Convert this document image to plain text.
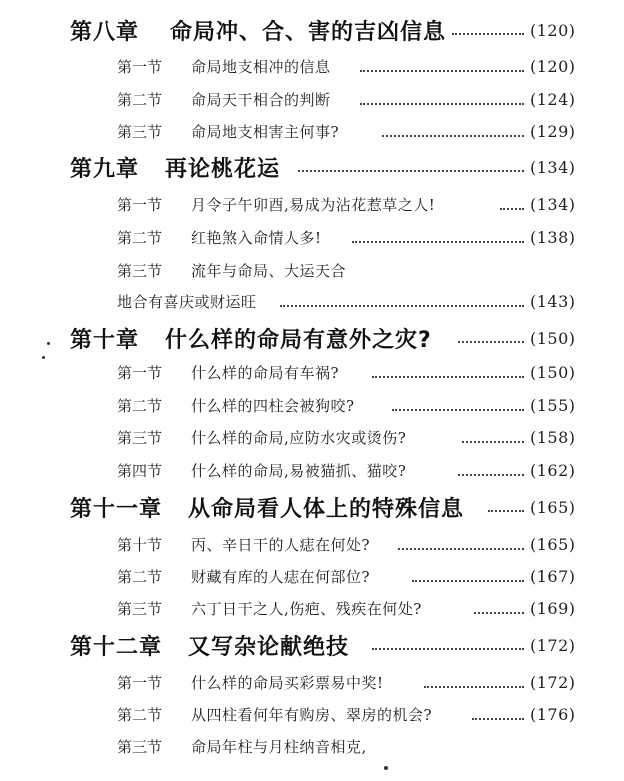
第八章 命局冲、合、害的吉凶信息	(120)
第一节 命局地支相冲的信息	(120)
第二节 命局天干相合的判断	(124)
第三节 命局地支相害主何事?	(129)
第九章 再论桃花运	(134)
第一节 月令子午卯酉,易成为沾花惹草之人!	(134)
第二节 红艳煞入命情人多!	(138)
第三节 流年与命局、大运天合
地合有喜庆或财运旺	(143)
第十章 什么样的命局有意外之灾?	(150)
第一节 什么样的命局有车祸?	(150)
第二节 什么样的四柱会被狗咬?	(155)
第三节 什么样的命局,应防水灾或烫伤?	(158)
第四节 什么样的命局,易被猫抓、猫咬?	(162)
第十一章 从命局看人体上的特殊信息	(165)
第十节 丙、辛日干的人痣在何处?	(165)
第二节 财藏有库的人痣在何部位?	(167)
第三节 六丁日干之人,伤疤、残疾在何处?	(169)
第十二章 又写杂论献绝技	(172)
第一节 什么样的命局买彩票易中奖!	(172)
第二节 从四柱看何年有购房、翠房的机会?	(176)
第三节 命局年柱与月柱纳音相克,
